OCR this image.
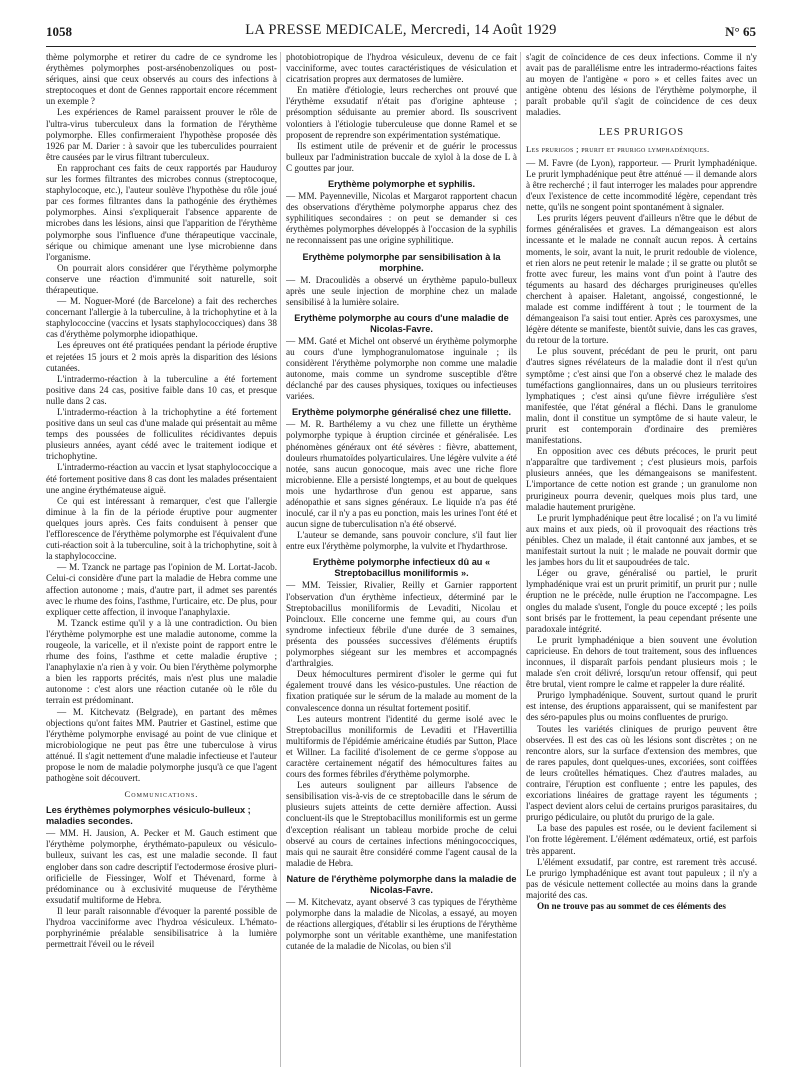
1058	LA PRESSE MEDICALE, Mercredi, 14 Août 1929	N° 65

thème polymorphe et retirer du cadre de ce syndrome les érythèmes polymorphes post-arsénobenzoliques ou post-sériques, ainsi que ceux observés au cours des infections à streptocoques et dont de Gennes rapportait encore récemment un exemple ?

Les expériences de Ramel paraissent prouver le rôle de l'ultra-virus tuberculeux dans la formation de l'érythème polymorphe. Elles confirmeraient l'hypothèse proposée dès 1926 par M. Darier : à savoir que les tuberculides pourraient être causées par le virus filtrant tuberculeux.

En rapprochant ces faits de ceux rapportés par Hauduroy sur les formes filtrantes des microbes connus (streptocoque, staphylocoque, etc.), l'auteur soulève l'hypothèse du rôle joué par ces formes filtrantes dans la pathogénie des érythèmes polymorphes. Ainsi s'expliquerait l'absence apparente de microbes dans les lésions, ainsi que l'apparition de l'érythème polymorphe sous l'influence d'une thérapeutique vaccinale, sérique ou chimique amenant une lyse microbienne dans l'organisme.

On pourrait alors considérer que l'érythème polymorphe conserve une réaction d'immunité soit naturelle, soit thérapeutique.

— M. Noguer-Moré (de Barcelone) a fait des recherches concernant l'allergie à la tuberculine, à la trichophytine et à la staphylococcine (vaccins et lysats staphylococciques) dans 38 cas d'érythème polymorphe idiopathique.

Les épreuves ont été pratiquées pendant la période éruptive et rejetées 15 jours et 2 mois après la disparition des lésions cutanées.

L'intradermo-réaction à la tuberculine a été fortement positive dans 24 cas, positive faible dans 10 cas, et presque nulle dans 2 cas.

L'intradermo-réaction à la trichophytine a été fortement positive dans un seul cas d'une malade qui présentait au même temps des poussées de folliculites récidivantes depuis plusieurs années, ayant cédé avec le traitement iodique et trichophytine.

L'intradermo-réaction au vaccin et lysat staphylococcique a été fortement positive dans 8 cas dont les malades présentaient une angine érythémateuse aiguë.

Ce qui est intéressant à remarquer, c'est que l'allergie diminue à la fin de la période éruptive pour augmenter quelques jours après. Ces faits conduisent à penser que l'efflorescence de l'érythème polymorphe est l'équivalent d'une cuti-réaction soit à la tuberculine, soit à la trichophytine, soit à la staphylococcine.

— M. Tzanck ne partage pas l'opinion de M. Lortat-Jacob. Celui-ci considère d'une part la maladie de Hebra comme une affection autonome ; mais, d'autre part, il admet ses parentés avec le rhume des foins, l'asthme, l'urticaire, etc. De plus, pour expliquer cette affection, il invoque l'anaphylaxie.

M. Tzanck estime qu'il y a là une contradiction. Ou bien l'érythème polymorphe est une maladie autonome, comme la rougeole, la varicelle, et il n'existe point de rapport entre le rhume des foins, l'asthme et cette maladie éruptive ; l'anaphylaxie n'a rien à y voir. Ou bien l'érythème polymorphe a bien les rapports précités, mais n'est plus une maladie autonome : c'est alors une réaction cutanée où le rôle du terrain est prédominant.

— M. Kitchevatz (Belgrade), en partant des mêmes objections qu'ont faites MM. Pautrier et Gastinel, estime que l'érythème polymorphe envisagé au point de vue clinique et microbiologique ne peut pas être une tuberculose à virus atténué. Il s'agit nettement d'une maladie infectieuse et l'auteur propose le nom de maladie polymorphe jusqu'à ce que l'agent pathogène soit découvert.

Communications.
Les érythèmes polymorphes vésiculo-bulleux ; maladies secondes.

— MM. H. Jausion, A. Pecker et M. Gauch estiment que l'érythème polymorphe, érythémato-papuleux ou vésiculo-bulleux, suivant les cas, est une maladie seconde. Il faut englober dans son cadre descriptif l'ectodermose érosive pluri-orificielle de Fiessinger, Wolf et Thévenard, forme à prédominance ou à exclusivité muqueuse de l'érythème exsudatif multiforme de Hebra.

Il leur paraît raisonnable d'évoquer la parenté possible de l'hydroa vacciniforme avec l'hydroa vésiculeux. L'hémato-porphyrinémie préalable sensibilisatrice à la lumière permettrait l'éveil ou le réveil

photobiotropique de l'hydroa vésiculeux, devenu de ce fait vacciniforme, avec toutes caractéristiques de vésiculation et cicatrisation propres aux dermatoses de lumière.

En matière d'étiologie, leurs recherches ont prouvé que l'érythème exsudatif n'était pas d'origine aphteuse ; présomption séduisante au premier abord. Ils souscrivent volontiers à l'étiologie tuberculeuse que donne Ramel et se proposent de reprendre son expérimentation systématique.

Ils estiment utile de prévenir et de guérir le processus bulleux par l'administration buccale de xylol à la dose de L à C gouttes par jour.

Erythème polymorphe et syphilis.

— MM. Payenneville, Nicolas et Margarot rapportent chacun des observations d'érythème polymorphe apparus chez des syphilitiques secondaires : on peut se demander si ces érythèmes polymorphes développés à l'occasion de la syphilis ne reconnaissent pas une origine syphilitique.

Erythème polymorphe par sensibilisation à la morphine.

— M. Dracoulidès a observé un érythème papulo-bulleux après une seule injection de morphine chez un malade sensibilisé à la lumière solaire.

Erythème polymorphe au cours d'une maladie de Nicolas-Favre.

— MM. Gaté et Michel ont observé un érythème polymorphe au cours d'une lymphogranulomatose inguinale ; ils considèrent l'érythème polymorphe non comme une maladie autonome, mais comme un syndrome susceptible d'être déclanché par des causes physiques, toxiques ou infectieuses variées.

Erythème polymorphe généralisé chez une fillette.

— M. R. Barthélemy a vu chez une fillette un érythème polymorphe typique à éruption circinée et généralisée. Les phénomènes généraux ont été sévères : fièvre, abattement, douleurs rhumatoïdes polyarticulaires. Une légère vulvite a été notée, sans aucun gonocoque, mais avec une riche flore microbienne. Elle a persisté longtemps, et au bout de quelques mois une hydarthrose d'un genou est apparue, sans adénopathie et sans signes généraux. Le liquide n'a pas été inoculé, car il n'y a pas eu ponction, mais les urines l'ont été et aucun signe de tuberculisation n'a été observé.

L'auteur se demande, sans pouvoir conclure, s'il faut lier entre eux l'érythème polymorphe, la vulvite et l'hydarthrose.

Erythème polymorphe infectieux dû au « Streptobacillus moniliformis ».

— MM. Teissier, Rivalier, Reilly et Garnier rapportent l'observation d'un érythème infectieux, déterminé par le Streptobacillus moniliformis de Levaditi, Nicolau et Poincloux. Elle concerne une femme qui, au cours d'un syndrome infectieux fébrile d'une durée de 3 semaines, présenta des poussées successives d'éléments éruptifs polymorphes siégeant sur les membres et accompagnés d'arthralgies.

Deux hémocultures permirent d'isoler le germe qui fut également trouvé dans les vésico-pustules. Une réaction de fixation pratiquée sur le sérum de la malade au moment de la convalescence donna un résultat fortement positif.

Les auteurs montrent l'identité du germe isolé avec le Streptobacillus moniliformis de Levaditi et l'Havertillia multiformis de l'épidémie américaine étudiés par Sutton, Place et Willner. La facilité d'isolement de ce germe s'oppose au caractère certainement négatif des hémocultures faites au cours des formes fébriles d'érythème polymorphe.

Les auteurs soulignent par ailleurs l'absence de sensibilisation vis-à-vis de ce streptobacille dans le sérum de plusieurs sujets atteints de cette dernière affection. Aussi concluent-ils que le Streptobacillus moniliformis est un germe d'exception réalisant un tableau morbide proche de celui observé au cours de certaines infections méningococciques, mais qui ne saurait être considéré comme l'agent causal de la maladie de Hebra.

Nature de l'érythème polymorphe dans la maladie de Nicolas-Favre.

— M. Kitchevatz, ayant observé 3 cas typiques de l'érythème polymorphe dans la maladie de Nicolas, a essayé, au moyen de réactions allergiques, d'établir si les éruptions de l'érythème polymorphe sont un véritable exanthème, une manifestation cutanée de la maladie de Nicolas, ou bien s'il

s'agit de coïncidence de ces deux infections. Comme il n'y avait pas de parallélisme entre les intradermo-réactions faites au moyen de l'antigène « poro » et celles faites avec un antigène obtenu des lésions de l'érythème polymorphe, il paraît probable qu'il s'agit de coïncidence de ces deux maladies.

LES PRURIGOS
Les prurigos ; prurit et prurigo lymphadéniques.

— M. Favre (de Lyon), rapporteur. — Prurit lymphadénique. Le prurit lymphadénique peut être atténué — il demande alors à être recherché ; il faut interroger les malades pour apprendre d'eux l'existence de cette incommodité légère, cependant très nette, qu'ils ne songent point spontanément à signaler.

Les prurits légers peuvent d'ailleurs n'être que le début de formes généralisées et graves. La démangeaison est alors incessante et le malade ne connaît aucun repos. À certains moments, le soir, avant la nuit, le prurit redouble de violence, et rien alors ne peut retenir le malade ; il se gratte ou plutôt se frotte avec fureur, les mains vont d'un point à l'autre des téguments au hasard des décharges prurigineuses qu'elles cherchent à apaiser. Haletant, angoissé, congestionné, le malade est comme indifférent à tout ; le tourment de la démangeaison l'a saisi tout entier. Après ces paroxysmes, une légère détente se manifeste, bientôt suivie, dans les cas graves, du retour de la torture.

Le plus souvent, précédant de peu le prurit, ont paru d'autres signes révélateurs de la maladie dont il n'est qu'un symptôme ; c'est ainsi que l'on a observé chez le malade des tuméfactions ganglionnaires, dans un ou plusieurs territoires lymphatiques ; c'est ainsi qu'une fièvre irrégulière s'est manifestée, que l'état général a fléchi. Dans le granulome malin, dont il constitue un symptôme de si haute valeur, le prurit est contemporain d'ordinaire des premières manifestations.

En opposition avec ces débuts précoces, le prurit peut n'apparaître que tardivement ; c'est plusieurs mois, parfois plusieurs années, que les démangeaisons se manifestent. L'importance de cette notion est grande ; un granulome non prurigineux pourra devenir, quelques mois plus tard, une maladie hautement prurigène.

Le prurit lymphadénique peut être localisé ; on l'a vu limité aux mains et aux pieds, où il provoquait des réactions très pénibles. Chez un malade, il était cantonné aux jambes, et se manifestait surtout la nuit ; le malade ne pouvait dormir que les jambes hors du lit et saupoudrées de talc.

Léger ou grave, généralisé ou partiel, le prurit lymphadénique vrai est un prurit primitif, un prurit pur ; nulle éruption ne le précède, nulle éruption ne l'accompagne. Les ongles du malade s'usent, l'ongle du pouce excepté ; les poils sont brisés par le frottement, la peau cependant présente une paradoxale intégrité.

Le prurit lymphadénique a bien souvent une évolution capricieuse. En dehors de tout traitement, sous des influences inconnues, il disparaît parfois pendant plusieurs mois ; le malade s'en croit délivré, lorsqu'un retour offensif, qui peut être brutal, vient rompre le calme et rappeler la dure réalité.

Prurigo lymphadénique. Souvent, surtout quand le prurit est intense, des éruptions apparaissent, qui se manifestent par des séro-papules plus ou moins confluentes de prurigo.

Toutes les variétés cliniques de prurigo peuvent être observées. Il est des cas où les lésions sont discrètes ; on ne rencontre alors, sur la surface d'extension des membres, que de rares papules, dont quelques-unes, excoriées, sont coiffées de leurs croûtelles hématiques. Chez d'autres malades, au contraire, l'éruption est confluente ; entre les papules, des excoriations linéaires de grattage rayent les téguments ; l'aspect devient alors celui de certains prurigos parasitaires, du prurigo pédiculaire, ou plutôt du prurigo de la gale.

La base des papules est rosée, ou le devient facilement si l'on frotte légèrement. L'élément œdémateux, ortié, est parfois très apparent.

L'élément exsudatif, par contre, est rarement très accusé. Le prurigo lymphadénique est avant tout papuleux ; il n'y a pas de vésicule nettement collectée au moins dans la grande majorité des cas.

On ne trouve pas au sommet de ces éléments des
